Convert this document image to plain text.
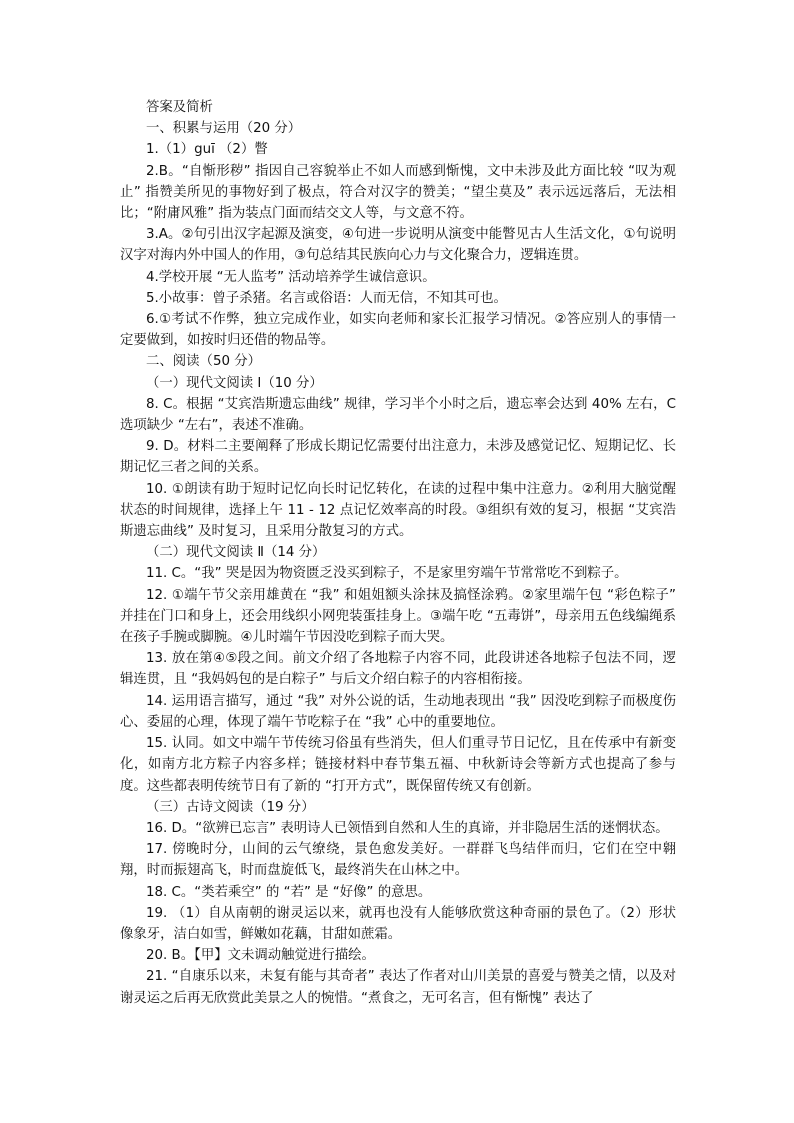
答案及简析

一、积累与运用（20 分）

1.（1）guī （2）瞥

2.B。“自惭形秽” 指因自己容貌举止不如人而感到惭愧，文中未涉及此方面比较 “叹为观止” 指赞美所见的事物好到了极点，符合对汉字的赞美；“望尘莫及” 表示远远落后，无法相比；“附庸风雅” 指为装点门面而结交文人等，与文意不符。

3.A。②句引出汉字起源及演变，④句进一步说明从演变中能瞥见古人生活文化，①句说明汉字对海内外中国人的作用，③句总结其民族向心力与文化聚合力，逻辑连贯。

4.学校开展 “无人监考” 活动培养学生诚信意识。

5.小故事：曾子杀猪。名言或俗语：人而无信，不知其可也。

6.①考试不作弊，独立完成作业，如实向老师和家长汇报学习情况。②答应别人的事情一定要做到，如按时归还借的物品等。

二、阅读（50 分）

（一）现代文阅读 Ⅰ（10 分）

8. C。根据 “艾宾浩斯遗忘曲线” 规律，学习半个小时之后，遗忘率会达到 40% 左右，C 选项缺少 “左右”，表述不准确。

9. D。材料二主要阐释了形成长期记忆需要付出注意力，未涉及感觉记忆、短期记忆、长期记忆三者之间的关系。

10. ①朗读有助于短时记忆向长时记忆转化，在读的过程中集中注意力。②利用大脑觉醒状态的时间规律，选择上午 11 - 12 点记忆效率高的时段。③组织有效的复习，根据 “艾宾浩斯遗忘曲线” 及时复习，且采用分散复习的方式。

（二）现代文阅读 Ⅱ（14 分）

11. C。“我” 哭是因为物资匮乏没买到粽子，不是家里穷端午节常常吃不到粽子。

12. ①端午节父亲用雄黄在 “我” 和姐姐额头涂抹及搞怪涂鸦。②家里端午包 “彩色粽子” 并挂在门口和身上，还会用线织小网兜装蛋挂身上。③端午吃 “五毒饼”，母亲用五色线编绳系在孩子手腕或脚腕。④儿时端午节因没吃到粽子而大哭。

13. 放在第④⑤段之间。前文介绍了各地粽子内容不同，此段讲述各地粽子包法不同，逻辑连贯，且 “我妈妈包的是白粽子” 与后文介绍白粽子的内容相衔接。

14. 运用语言描写，通过 “我” 对外公说的话，生动地表现出 “我” 因没吃到粽子而极度伤心、委屈的心理，体现了端午节吃粽子在 “我” 心中的重要地位。

15. 认同。如文中端午节传统习俗虽有些消失，但人们重寻节日记忆，且在传承中有新变化，如南方北方粽子内容多样；链接材料中春节集五福、中秋新诗会等新方式也提高了参与度。这些都表明传统节日有了新的 “打开方式”，既保留传统又有创新。

（三）古诗文阅读（19 分）

16. D。“欲辨已忘言” 表明诗人已领悟到自然和人生的真谛，并非隐居生活的迷惘状态。

17. 傍晚时分，山间的云气缭绕，景色愈发美好。一群群飞鸟结伴而归，它们在空中翱翔，时而振翅高飞，时而盘旋低飞，最终消失在山林之中。

18. C。“类若乘空” 的 “若” 是 “好像” 的意思。

19. （1）自从南朝的谢灵运以来，就再也没有人能够欣赏这种奇丽的景色了。（2）形状像象牙，洁白如雪，鲜嫩如花藕，甘甜如蔗霜。

20. B。【甲】文未调动触觉进行描绘。

21. “自康乐以来，未复有能与其奇者” 表达了作者对山川美景的喜爱与赞美之情，以及对谢灵运之后再无欣赏此美景之人的惋惜。“煮食之，无可名言，但有惭愧” 表达了
